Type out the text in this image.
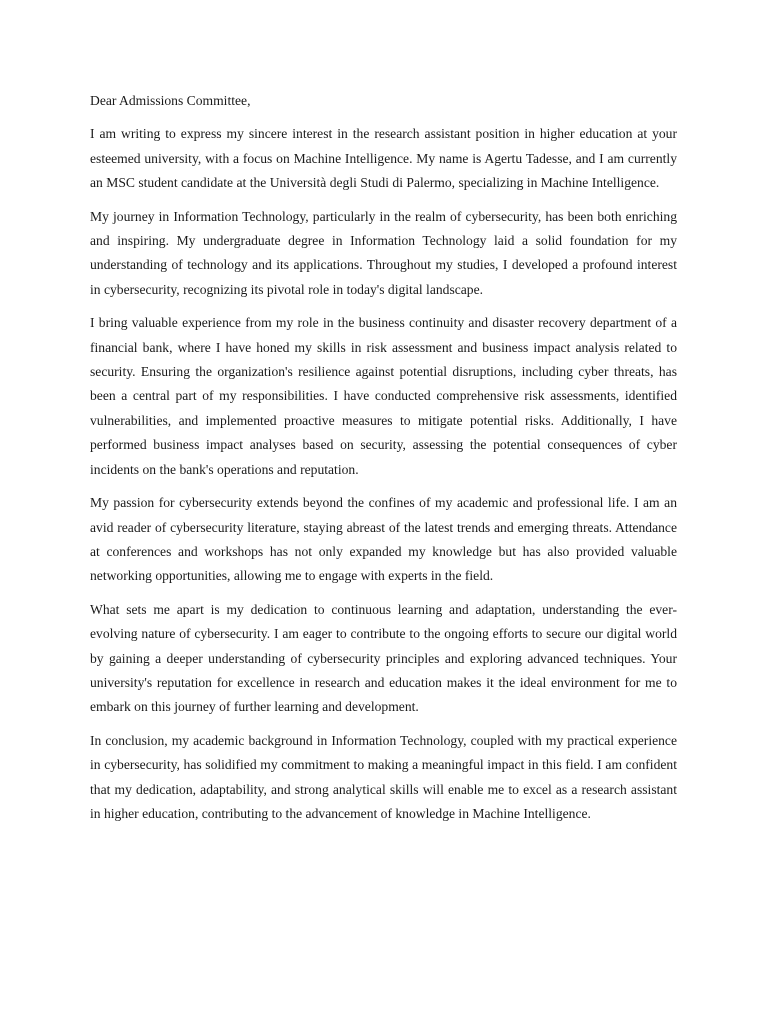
Dear Admissions Committee,

I am writing to express my sincere interest in the research assistant position in higher education at your esteemed university, with a focus on Machine Intelligence. My name is Agertu Tadesse, and I am currently an MSC student candidate at the Università degli Studi di Palermo, specializing in Machine Intelligence.

My journey in Information Technology, particularly in the realm of cybersecurity, has been both enriching and inspiring. My undergraduate degree in Information Technology laid a solid foundation for my understanding of technology and its applications. Throughout my studies, I developed a profound interest in cybersecurity, recognizing its pivotal role in today's digital landscape.

I bring valuable experience from my role in the business continuity and disaster recovery department of a financial bank, where I have honed my skills in risk assessment and business impact analysis related to security. Ensuring the organization's resilience against potential disruptions, including cyber threats, has been a central part of my responsibilities. I have conducted comprehensive risk assessments, identified vulnerabilities, and implemented proactive measures to mitigate potential risks. Additionally, I have performed business impact analyses based on security, assessing the potential consequences of cyber incidents on the bank's operations and reputation.

My passion for cybersecurity extends beyond the confines of my academic and professional life. I am an avid reader of cybersecurity literature, staying abreast of the latest trends and emerging threats. Attendance at conferences and workshops has not only expanded my knowledge but has also provided valuable networking opportunities, allowing me to engage with experts in the field.

What sets me apart is my dedication to continuous learning and adaptation, understanding the ever-evolving nature of cybersecurity. I am eager to contribute to the ongoing efforts to secure our digital world by gaining a deeper understanding of cybersecurity principles and exploring advanced techniques. Your university's reputation for excellence in research and education makes it the ideal environment for me to embark on this journey of further learning and development.

In conclusion, my academic background in Information Technology, coupled with my practical experience in cybersecurity, has solidified my commitment to making a meaningful impact in this field. I am confident that my dedication, adaptability, and strong analytical skills will enable me to excel as a research assistant in higher education, contributing to the advancement of knowledge in Machine Intelligence.
